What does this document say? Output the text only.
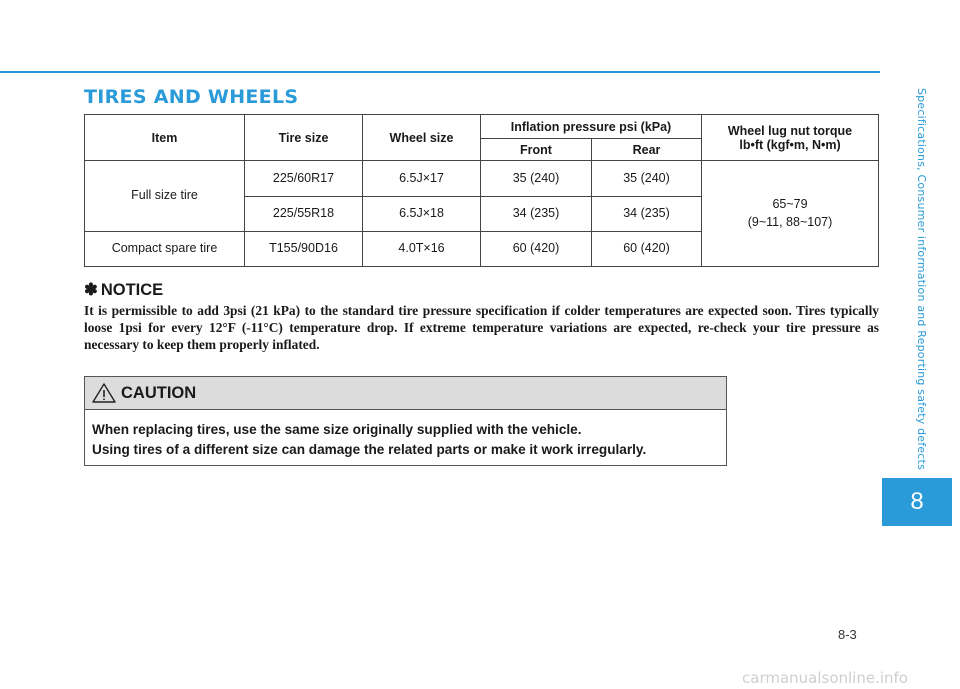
TIRES AND WHEELS	Specifications, Consumer information and Reporting safety defects
8
Item	Tire size	Wheel size	Inflation pressure psi (kPa)		Wheel lug nut torque
lb•ft (kgf•m, N•m)

			Front	Rear	
Full size tire	225/60R17	6.5J×17	35 (240)	35 (240)	65~79
(9~11, 88~107)

	225/55R18	6.5J×18	34 (235)	34 (235)	
Compact spare tire	T155/90D16	4.0T×16	60 (420)	60 (420)	
✽ NOTICE

It is permissible to add 3psi (21 kPa) to the standard tire pressure specification if colder temperatures are expected soon. Tires typically loose 1psi for every 12°F (-11°C) temperature drop. If extreme temperature variations are expected, re-check your tire pressure as necessary to keep them properly inflated.

CAUTION
When replacing tires, use the same size originally supplied with the vehicle.
Using tires of a different size can damage the related parts or make it work irregularly.
8-3
carmanualsonline.info
